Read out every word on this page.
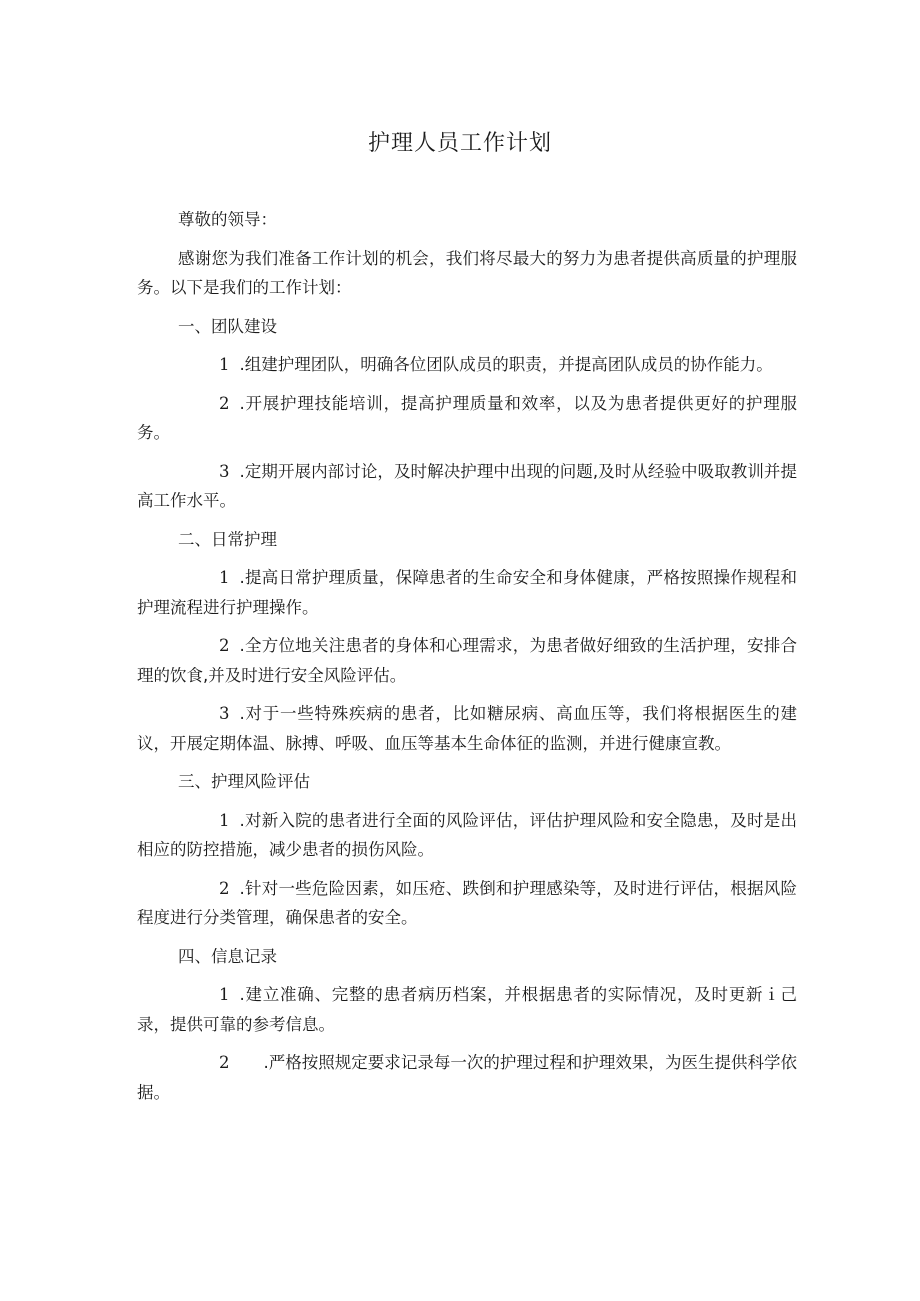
护理人员工作计划

尊敬的领导：

感谢您为我们准备工作计划的机会，我们将尽最大的努力为患者提供高质量的护理服务。以下是我们的工作计划：

一、团队建设

1 .组建护理团队，明确各位团队成员的职责，并提高团队成员的协作能力。

2 .开展护理技能培训，提高护理质量和效率，以及为患者提供更好的护理服务。

3 .定期开展内部讨论，及时解决护理中出现的问题,及时从经验中吸取教训并提高工作水平。

二、日常护理

1 .提高日常护理质量，保障患者的生命安全和身体健康，严格按照操作规程和护理流程进行护理操作。

2 .全方位地关注患者的身体和心理需求，为患者做好细致的生活护理，安排合理的饮食,并及时进行安全风险评估。

3 .对于一些特殊疾病的患者，比如糖尿病、高血压等，我们将根据医生的建议，开展定期体温、脉搏、呼吸、血压等基本生命体征的监测，并进行健康宣教。

三、护理风险评估

1 .对新入院的患者进行全面的风险评估，评估护理风险和安全隐患，及时是出相应的防控措施，减少患者的损伤风险。

2 .针对一些危险因素，如压疮、跌倒和护理感染等，及时进行评估，根据风险程度进行分类管理，确保患者的安全。

四、信息记录

1 .建立准确、完整的患者病历档案，并根据患者的实际情况，及时更新ｉ己录，提供可靠的参考信息。

2 .严格按照规定要求记录每一次的护理过程和护理效果，为医生提供科学依据。
